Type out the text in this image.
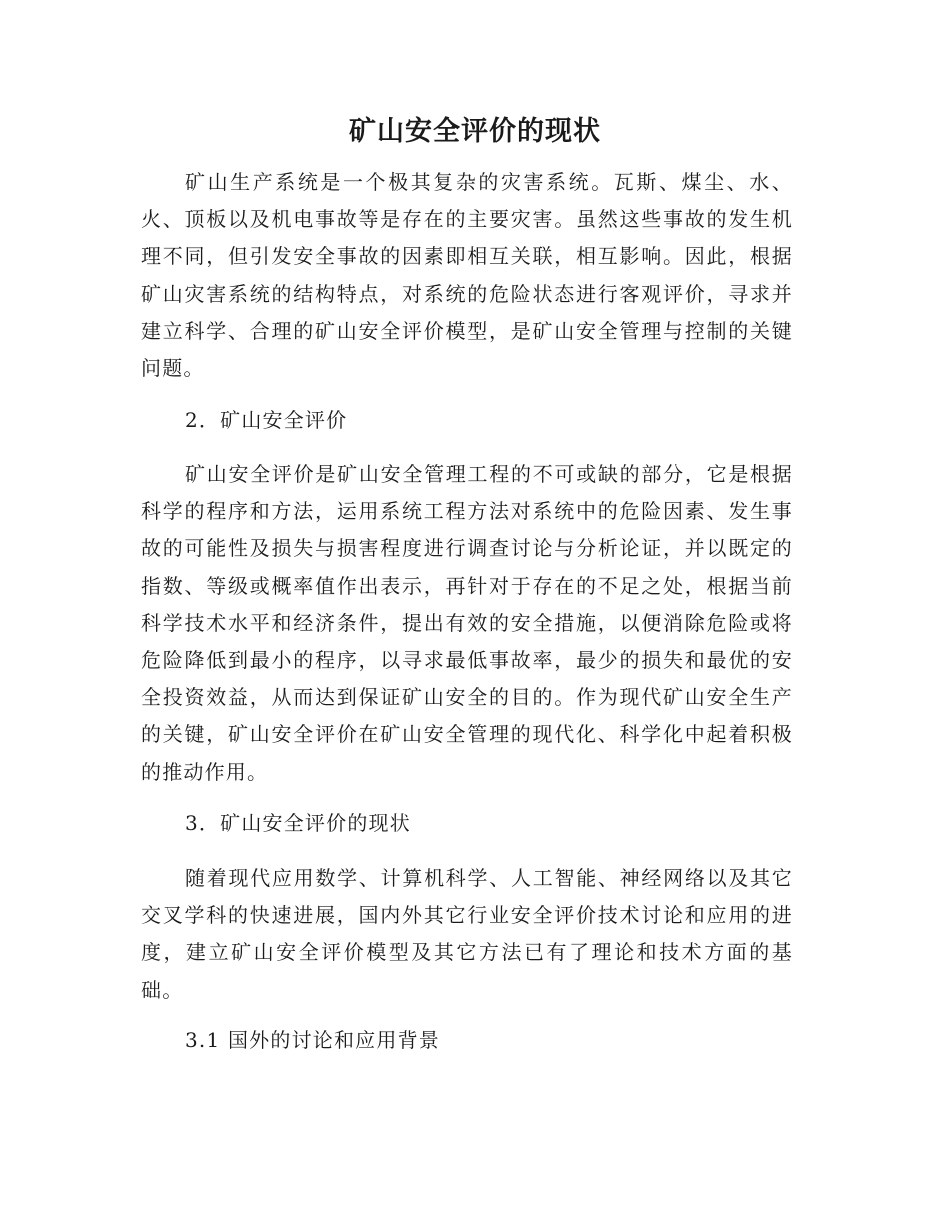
矿山安全评价的现状

矿山生产系统是一个极其复杂的灾害系统。瓦斯、煤尘、水、火、顶板以及机电事故等是存在的主要灾害。虽然这些事故的发生机理不同，但引发安全事故的因素即相互关联，相互影响。因此，根据矿山灾害系统的结构特点，对系统的危险状态进行客观评价，寻求并建立科学、合理的矿山安全评价模型，是矿山安全管理与控制的关键问题。

2．矿山安全评价

矿山安全评价是矿山安全管理工程的不可或缺的部分，它是根据科学的程序和方法，运用系统工程方法对系统中的危险因素、发生事故的可能性及损失与损害程度进行调查讨论与分析论证，并以既定的指数、等级或概率值作出表示，再针对于存在的不足之处，根据当前科学技术水平和经济条件，提出有效的安全措施，以便消除危险或将危险降低到最小的程序，以寻求最低事故率，最少的损失和最优的安全投资效益，从而达到保证矿山安全的目的。作为现代矿山安全生产的关键，矿山安全评价在矿山安全管理的现代化、科学化中起着积极的推动作用。

3．矿山安全评价的现状

随着现代应用数学、计算机科学、人工智能、神经网络以及其它交叉学科的快速进展，国内外其它行业安全评价技术讨论和应用的进度，建立矿山安全评价模型及其它方法已有了理论和技术方面的基础。

3.1 国外的讨论和应用背景
